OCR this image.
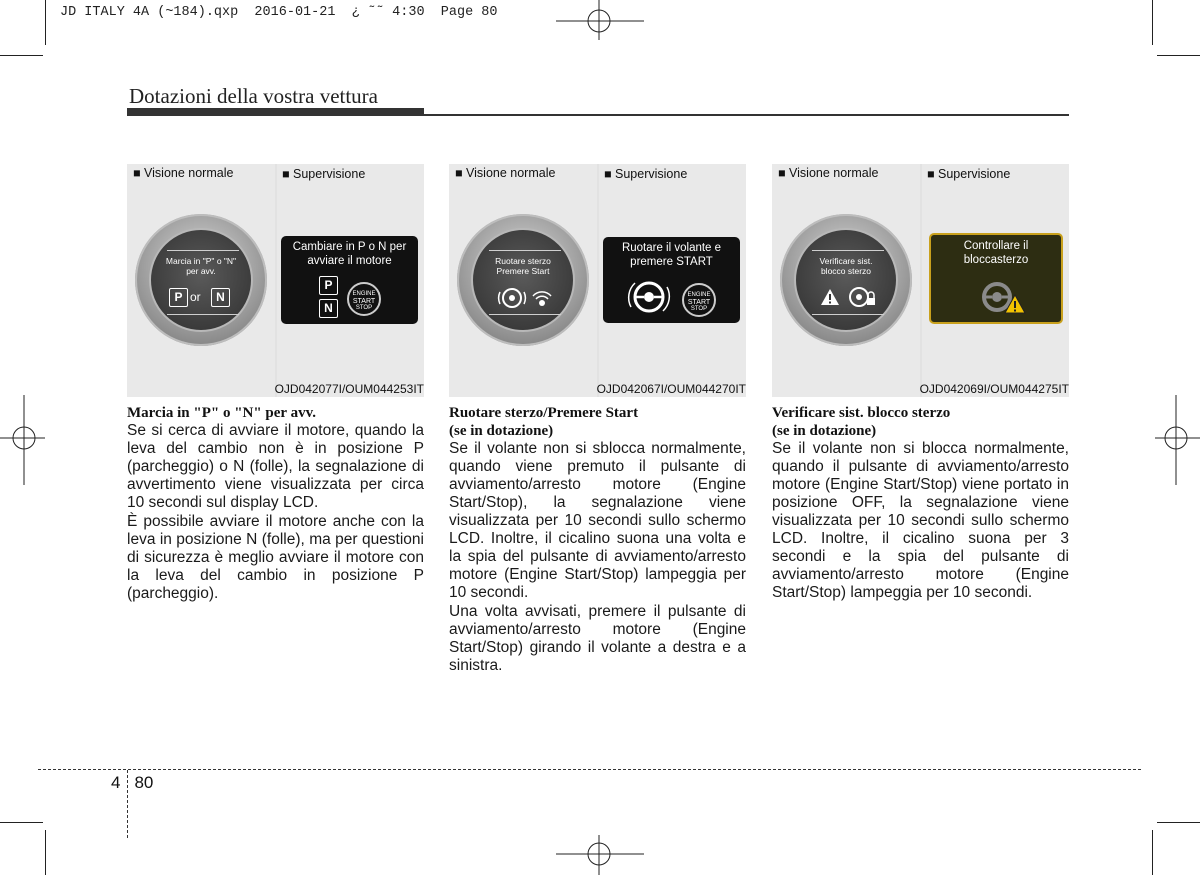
JD ITALY 4A (~184).qxp  2016-01-21  ¿ ˜˜ 4:30  Page 80
Dotazioni della vostra vettura
■ Visione normale
Marcia in "P" o "N" per avv.
P or	N
■ Supervisione
Cambiare in P o N per avviare il motore
P
N
ENGINE
START
STOP
OJD042077I/OUM044253IT
Marcia in "P" o "N" per avv.

Se si cerca di avviare il motore, quando la leva del cambio non è in posizione P (parcheggio) o N (folle), la segnalazione di avvertimento viene visualizzata per circa 10 secondi sul display LCD.

È possibile avviare il motore anche con la leva in posizione N (folle), ma per questioni di sicurezza è meglio avviare il motore con la leva del cambio in posizione P (parcheggio).

■ Visione normale
Ruotare sterzo Premere Start
■ Supervisione
Ruotare il volante e premere START
ENGINE
START
STOP
OJD042067I/OUM044270IT
Ruotare sterzo/Premere Start
(se in dotazione)

Se il volante non si sblocca normalmente, quando viene premuto il pulsante di avviamento/arresto motore (Engine Start/Stop), la segnalazione viene visualizzata per 10 secondi sullo schermo LCD. Inoltre, il cicalino suona una volta e la spia del pulsante di avviamento/arresto motore (Engine Start/Stop) lampeggia per 10 secondi.

Una volta avvisati, premere il pulsante di avviamento/arresto motore (Engine Start/Stop) girando il volante a destra e a sinistra.

■ Visione normale
Verificare sist. blocco sterzo
■ Supervisione
Controllare il bloccasterzo
OJD042069I/OUM044275IT
Verificare sist. blocco sterzo
(se in dotazione)

Se il volante non si blocca normalmente, quando il pulsante di avviamento/arresto motore (Engine Start/Stop) viene portato in posizione OFF, la segnalazione viene visualizzata per 10 secondi sullo schermo LCD. Inoltre, il cicalino suona per 3 secondi e la spia del pulsante di avviamento/arresto motore (Engine Start/Stop) lampeggia per 10 secondi.

4 80
